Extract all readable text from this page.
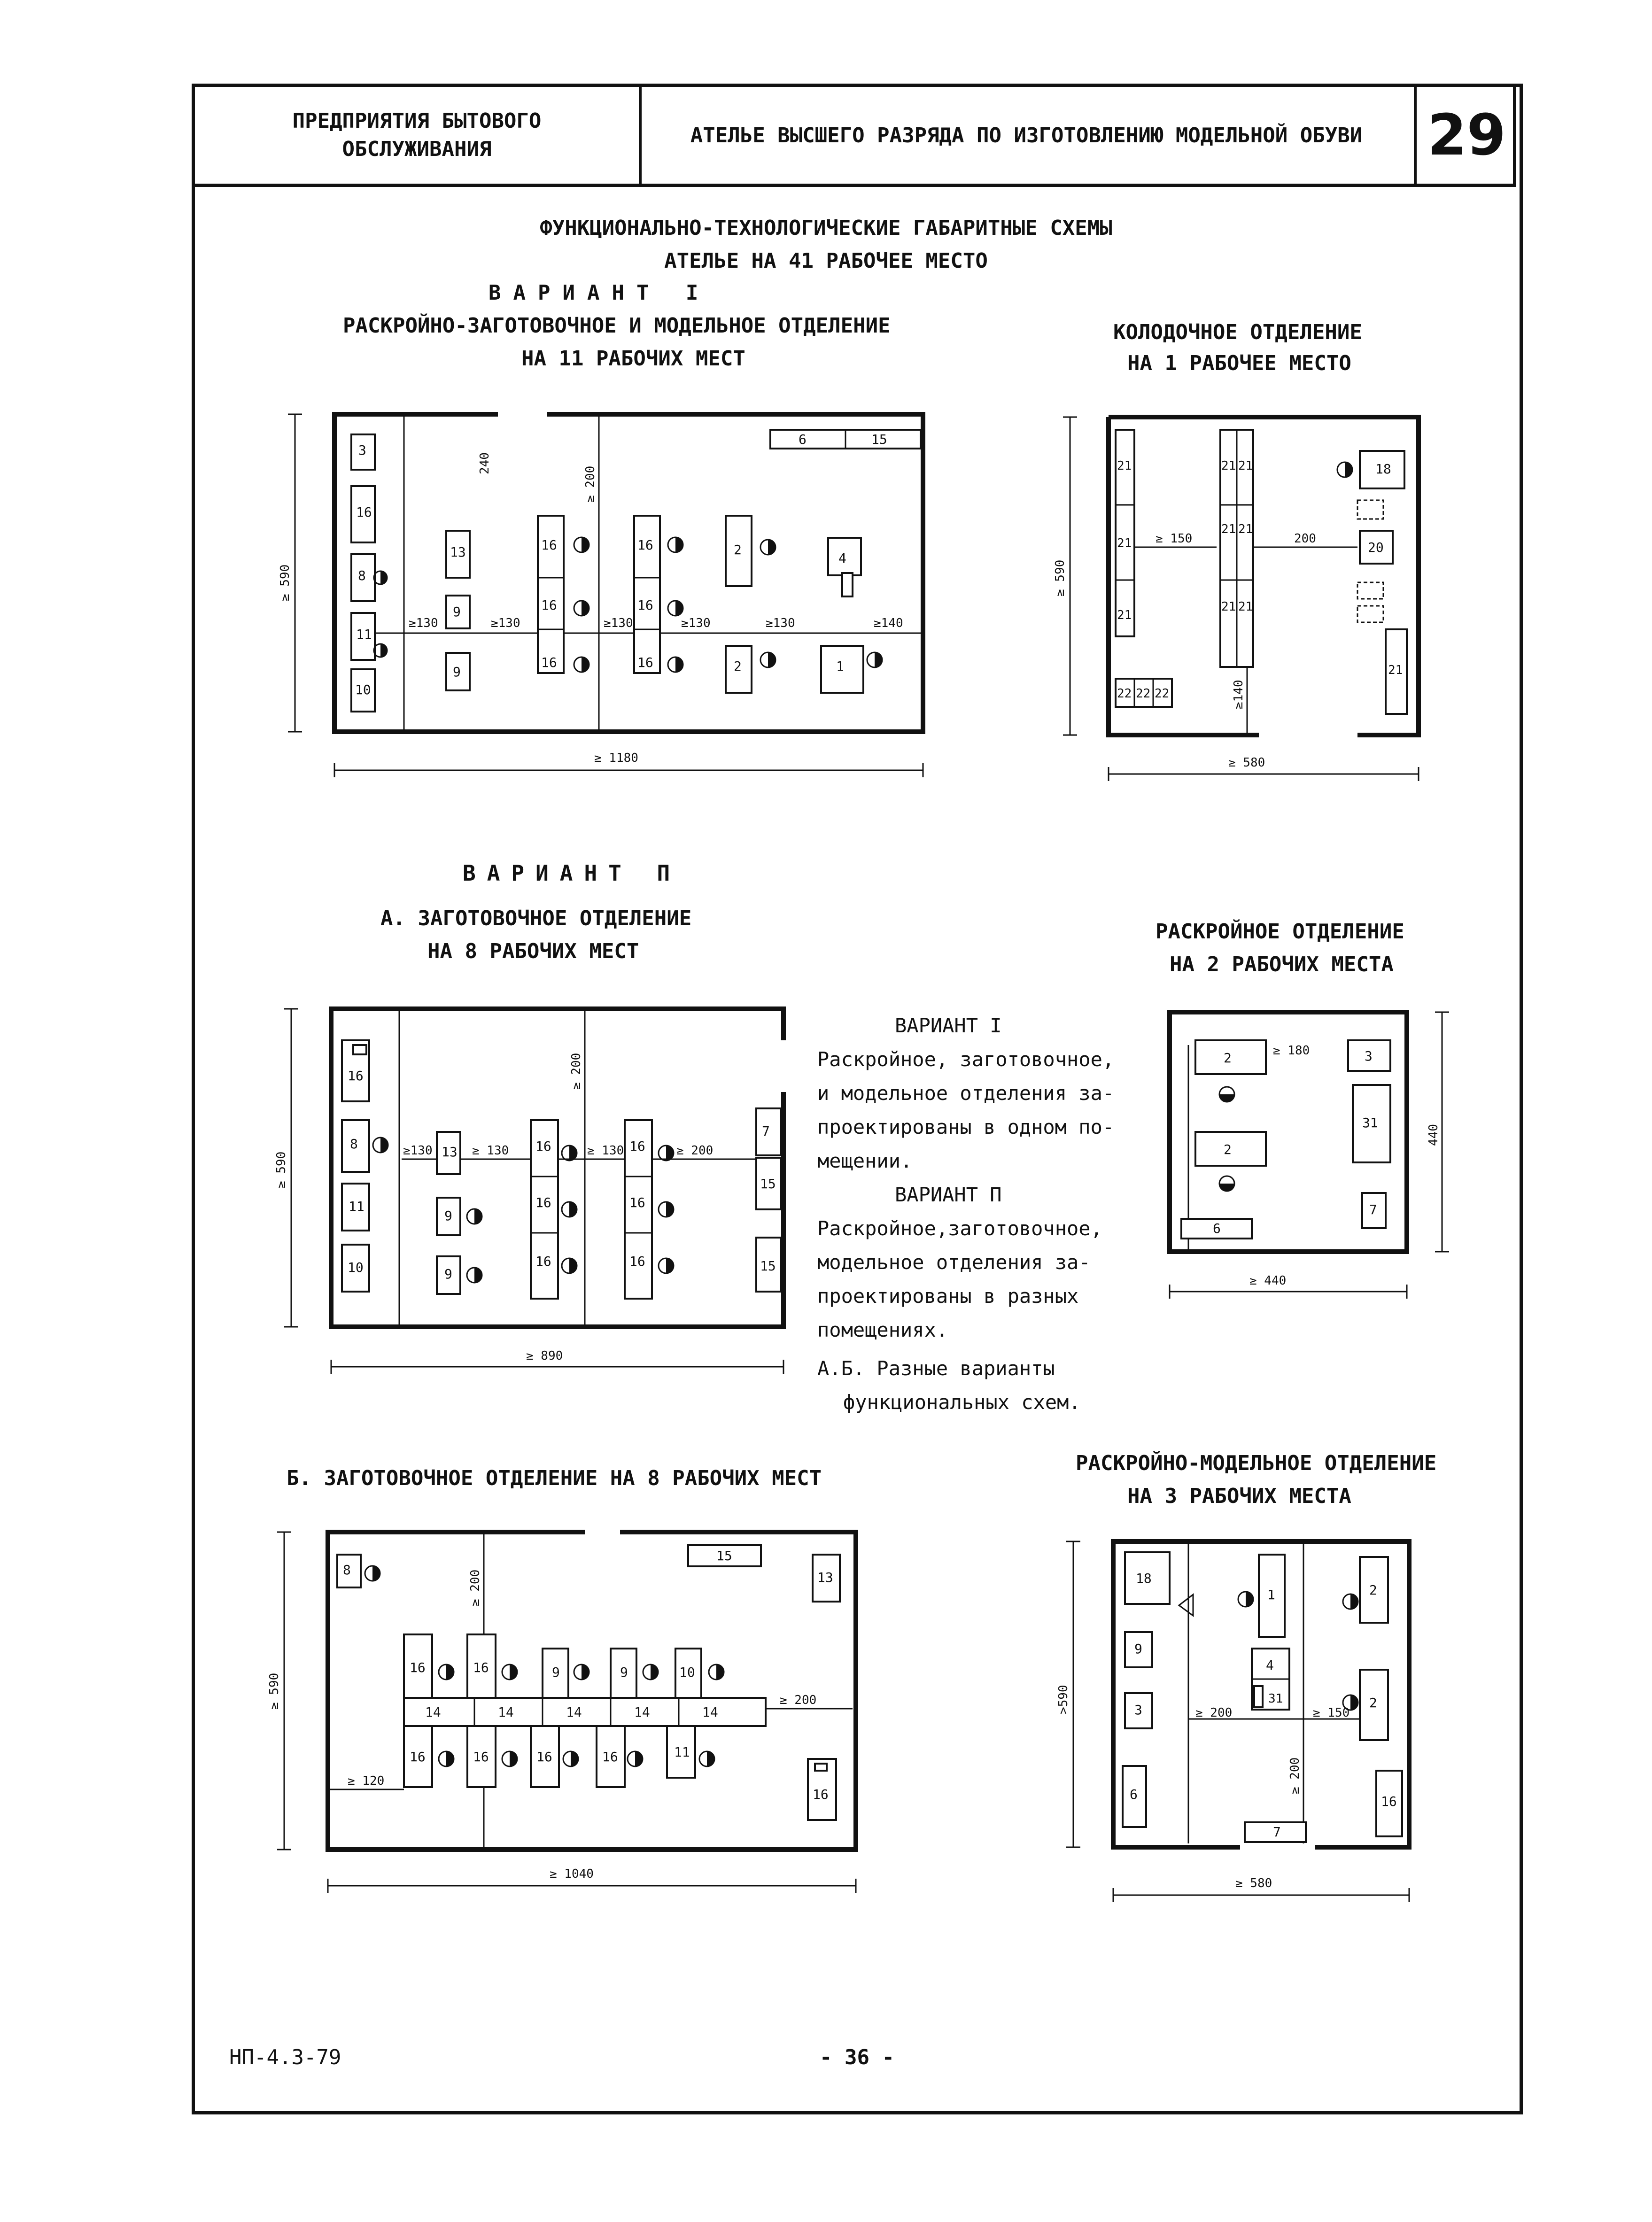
ПРЕДПРИЯТИЯ БЫТОВОГО
ОБСЛУЖИВАНИЯ
АТЕЛЬЕ ВЫСШЕГО РАЗРЯДА ПО ИЗГОТОВЛЕНИЮ МОДЕЛЬНОЙ ОБУВИ	29
ФУНКЦИОНАЛЬНО-ТЕХНОЛОГИЧЕСКИЕ ГАБАРИТНЫЕ СХЕМЫ
АТЕЛЬЕ НА 41 РАБОЧЕЕ МЕСТО
ВАРИАНТ I
РАСКРОЙНО-ЗАГОТОВОЧНОЕ И МОДЕЛЬНОЕ ОТДЕЛЕНИЕ
НА 11 РАБОЧИХ МЕСТ
КОЛОДОЧНОЕ ОТДЕЛЕНИЕ
НА 1 РАБОЧЕЕ МЕСТО
ВАРИАНТ П
А. ЗАГОТОВОЧНОЕ ОТДЕЛЕНИЕ
НА 8 РАБОЧИХ МЕСТ
РАСКРОЙНОЕ ОТДЕЛЕНИЕ
НА 2 РАБОЧИХ МЕСТА
Б. ЗАГОТОВОЧНОЕ ОТДЕЛЕНИЕ НА 8 РАБОЧИХ МЕСТ
РАСКРОЙНО-МОДЕЛЬНОЕ ОТДЕЛЕНИЕ
НА 3 РАБОЧИХ МЕСТА
ВАРИАНТ I
Раскройное, заготовочное,
и модельное отделения за-
проектированы в одном по-
мещении.
ВАРИАНТ П
Раскройное,заготовочное,
модельное отделения за-
проектированы в разных
помещениях.
А.Б. Разные варианты
функциональных схем.
3
16
8
11
10
13
9
9
16
16
16
16
16
16
2
2
4
1
6	15
≥130	≥130	≥130	≥130	≥130	≥140
240
≥ 200
≥ 1180
≥ 590
21
21
21
21 21
21 21
21 21
22 22 22
18
20
21
≥ 150	200
≥140
≥ 580
≥ 590
16
8
11
10
13
9
9
16
16
16
16
16
16
7
15
15
≥130	≥ 130	≥ 130	≥ 200
≥ 200
≥ 890
≥ 590
2
2
6
3
31
7
≥ 180
≥ 440
440
8
15
13
14	14	14	14	14
16	16	9	9	10
16	16	16	16	11
16
≥ 120
≥ 200
≥ 200
≥ 1040
≥ 590
18
9
3
6
1
4
31
2
2
16
7
≥ 200	≥ 150
≥ 200
≥ 580
>590
НП-4.3-79	- 36 -
